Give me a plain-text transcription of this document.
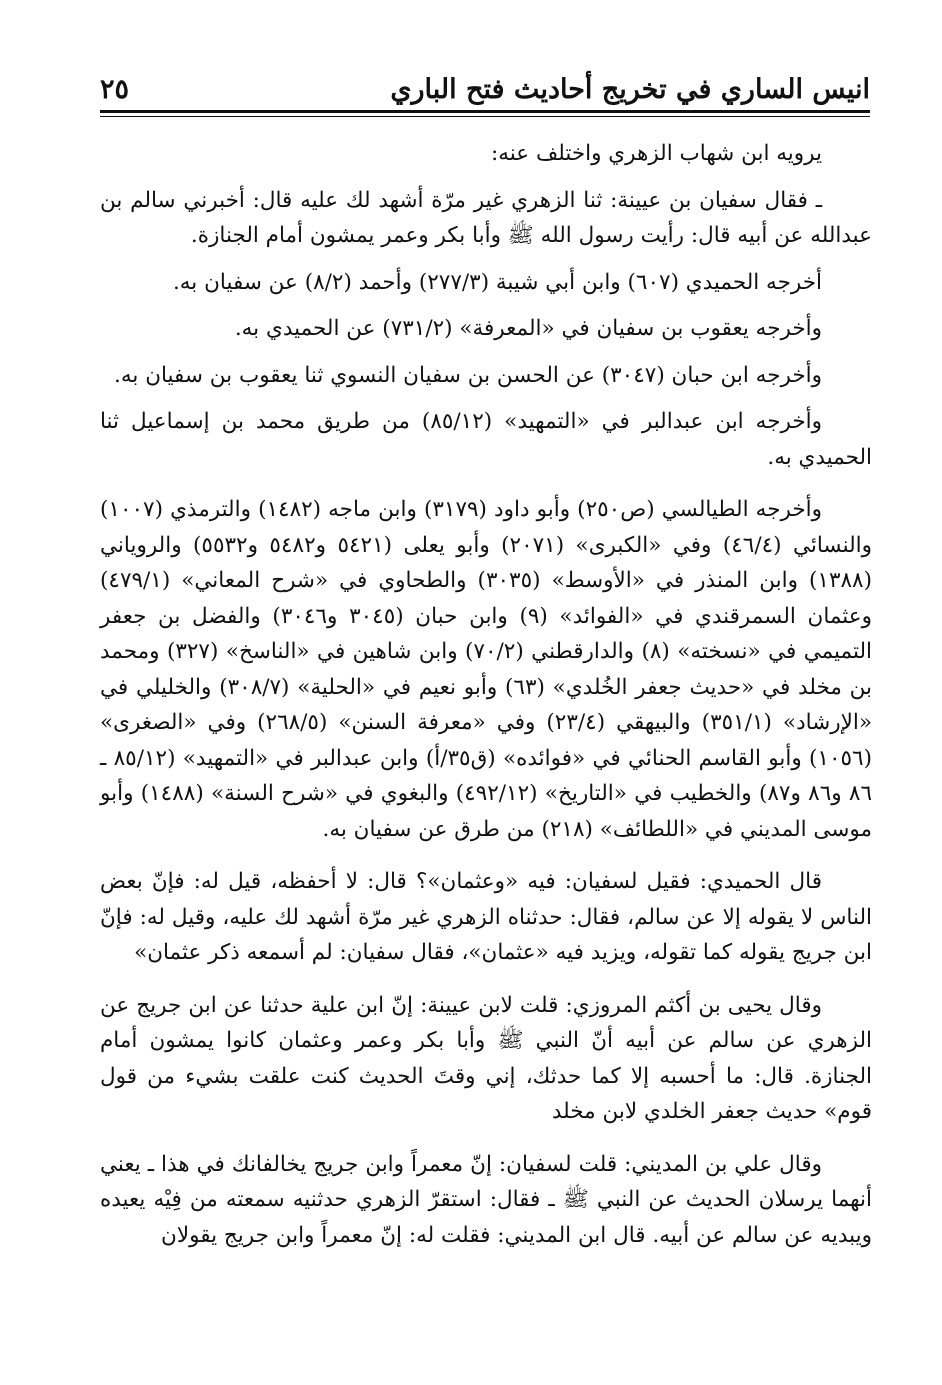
انيس الساري في تخريج أحاديث فتح الباري
٢٥

يرويه ابن شهاب الزهري واختلف عنه:

ـ فقال سفيان بن عيينة: ثنا الزهري غير مرّة أشهد لك عليه قال: أخبرني سالم بن عبدالله عن أبيه قال: رأيت رسول الله ﷺ وأبا بكر وعمر يمشون أمام الجنازة.

أخرجه الحميدي (٦٠٧) وابن أبي شيبة (٢٧٧/٣) وأحمد (٨/٢) عن سفيان به.

وأخرجه يعقوب بن سفيان في «المعرفة» (٧٣١/٢) عن الحميدي به.

وأخرجه ابن حبان (٣٠٤٧) عن الحسن بن سفيان النسوي ثنا يعقوب بن سفيان به.

وأخرجه ابن عبدالبر في «التمهيد» (٨٥/١٢) من طريق محمد بن إسماعيل ثنا الحميدي به.

وأخرجه الطيالسي (ص٢٥٠) وأبو داود (٣١٧٩) وابن ماجه (١٤٨٢) والترمذي (١٠٠٧) والنسائي (٤٦/٤) وفي «الكبرى» (٢٠٧١) وأبو يعلى (٥٤٢١ و٥٤٨٢ و٥٥٣٢) والروياني (١٣٨٨) وابن المنذر في «الأوسط» (٣٠٣٥) والطحاوي في «شرح المعاني» (٤٧٩/١) وعثمان السمرقندي في «الفوائد» (٩) وابن حبان (٣٠٤٥ و٣٠٤٦) والفضل بن جعفر التميمي في «نسخته» (٨) والدارقطني (٧٠/٢) وابن شاهين في «الناسخ» (٣٢٧) ومحمد بن مخلد في «حديث جعفر الخُلدي» (٦٣) وأبو نعيم في «الحلية» (٣٠٨/٧) والخليلي في «الإرشاد» (٣٥١/١) والبيهقي (٢٣/٤) وفي «معرفة السنن» (٢٦٨/٥) وفي «الصغرى» (١٠٥٦) وأبو القاسم الحنائي في «فوائده» (ق٣٥/أ) وابن عبدالبر في «التمهيد» (٨٥/١٢ ـ ٨٦ و٨٦ و٨٧) والخطيب في «التاريخ» (٤٩٢/١٢) والبغوي في «شرح السنة» (١٤٨٨) وأبو موسى المديني في «اللطائف» (٢١٨) من طرق عن سفيان به.

قال الحميدي: فقيل لسفيان: فيه «وعثمان»؟ قال: لا أحفظه، قيل له: فإنّ بعض الناس لا يقوله إلا عن سالم، فقال: حدثناه الزهري غير مرّة أشهد لك عليه، وقيل له: فإنّ ابن جريج يقوله كما تقوله، ويزيد فيه «عثمان»، فقال سفيان: لم أسمعه ذكر عثمان»

وقال يحيى بن أكثم المروزي: قلت لابن عيينة: إنّ ابن علية حدثنا عن ابن جريج عن الزهري عن سالم عن أبيه أنّ النبي ﷺ وأبا بكر وعمر وعثمان كانوا يمشون أمام الجنازة. قال: ما أحسبه إلا كما حدثك، إني وقتَ الحديث كنت علقت بشيء من قول قوم» حديث جعفر الخلدي لابن مخلد

وقال علي بن المديني: قلت لسفيان: إنّ معمراً وابن جريج يخالفانك في هذا ـ يعني أنهما يرسلان الحديث عن النبي ﷺ ـ فقال: استقرّ الزهري حدثنيه سمعته من فِيْه يعيده ويبديه عن سالم عن أبيه. قال ابن المديني: فقلت له: إنّ معمراً وابن جريج يقولان
